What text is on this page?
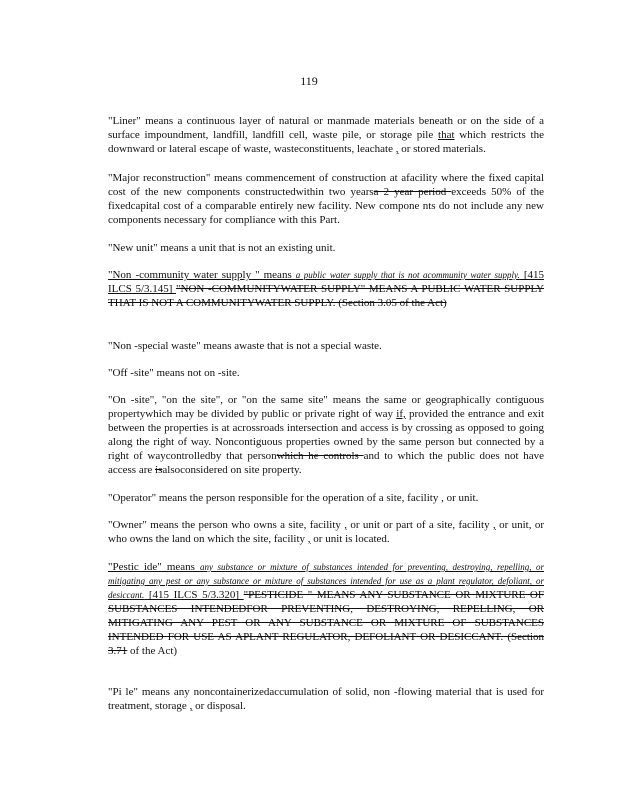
119
"Liner" means a continuous layer of natural or manmade materials beneath or on the side of a surface impoundment, landfill, landfill cell, waste pile, or storage pile that which restricts the downward or lateral escape of waste, wasteconstituents, leachate , or stored materials.
"Major reconstruction" means commencement of construction at afacility where the fixed capital cost of the new components constructedwithin two yearsa 2 year period exceeds 50% of the fixedcapital cost of a comparable entirely new facility. New compone nts do not include any new components necessary for compliance with this Part.
"New unit" means a unit that is not an existing unit.
"Non -community water supply " means a public water supply that is not acommunity water supply. [415 ILCS 5/3.145] "NON -COMMUNITYWATER SUPPLY" MEANS A PUBLIC WATER SUPPLY THAT IS NOT A COMMUNITYWATER SUPPLY. (Section 3.05 of the Act)
"Non -special waste" means awaste that is not a special waste.
"Off -site" means not on -site.
"On -site", "on the site", or "on the same site" means the same or geographically contiguous propertywhich may be divided by public or private right of way if, provided the entrance and exit between the properties is at acrossroads intersection and access is by crossing as opposed to going along the right of way. Noncontiguous properties owned by the same person but connected by a right of waycontrolledby that personwhich he controls and to which the public does not have access are isalsoconsidered on site property.
"Operator" means the person responsible for the operation of a site, facility , or unit.
"Owner" means the person who owns a site, facility , or unit or part of a site, facility , or unit, or who owns the land on which the site, facility , or unit is located.
"Pestic ide" means any substance or mixture of substances intended for preventing, destroying, repelling, or mitigating any pest or any substance or mixture of substances intended for use as a plant regulator, defoliant, or desiccant. [415 ILCS 5/3.320] "PESTICIDE " MEANS ANY SUBSTANCE OR MIXTURE OF SUBSTANCES INTENDEDFOR PREVENTING, DESTROYING, REPELLING, OR MITIGATING ANY PEST OR ANY SUBSTANCE OR MIXTURE OF SUBSTANCES INTENDED FOR USE AS APLANT REGULATOR, DEFOLIANT OR DESICCANT. (Section 3.71 of the Act)
"Pi le" means any noncontainerizedaccumulation of solid, non -flowing material that is used for treatment, storage , or disposal.
